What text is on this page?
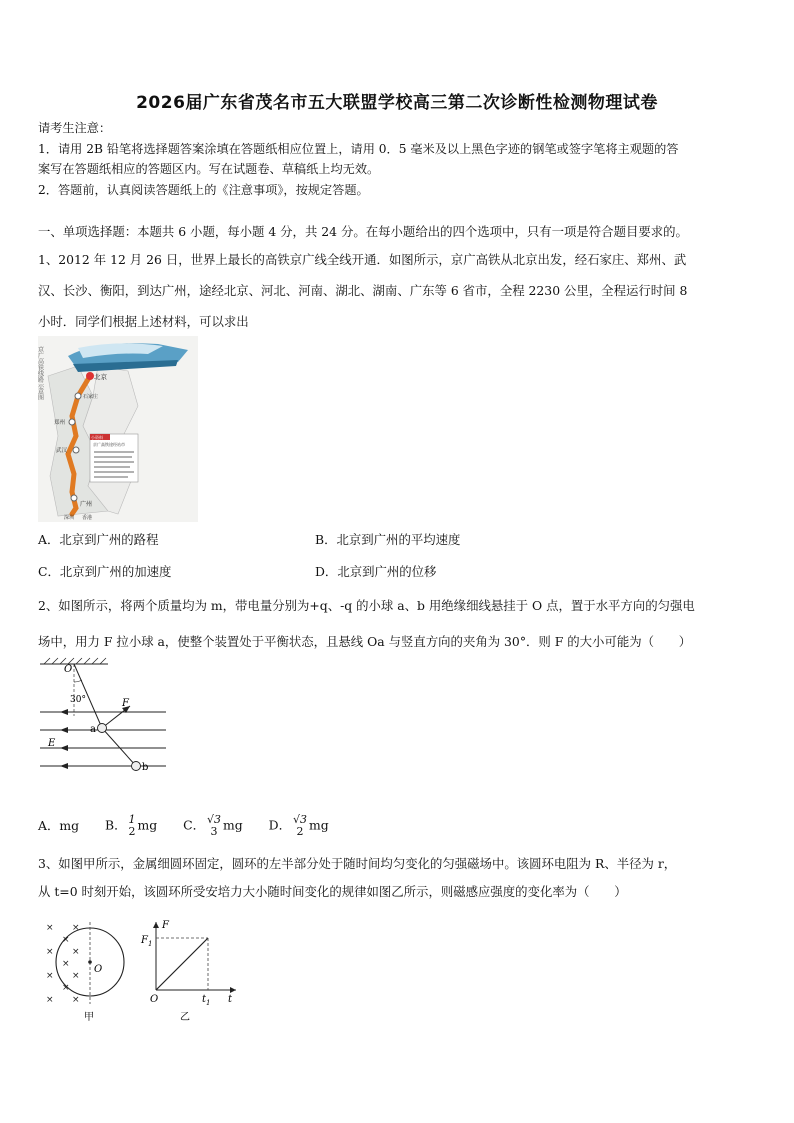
2026届广东省茂名市五大联盟学校高三第二次诊断性检测物理试卷
请考生注意：
1．请用 2B 铅笔将选择题答案涂填在答题纸相应位置上，请用 0．5 毫米及以上黑色字迹的钢笔或签字笔将主观题的答
案写在答题纸相应的答题区内。写在试题卷、草稿纸上均无效。
2．答题前，认真阅读答题纸上的《注意事项》，按规定答题。
一、单项选择题：本题共 6 小题，每小题 4 分，共 24 分。在每小题给出的四个选项中，只有一项是符合题目要求的。
1、2012 年 12 月 26 日，世界上最长的高铁京广线全线开通．如图所示，京广高铁从北京出发，经石家庄、郑州、武
汉、长沙、衡阳，到达广州，途经北京、河北、河南、湖北、湖南、广东等 6 省市，全程 2230 公里，全程运行时间 8
小时．同学们根据上述材料，可以求出
京广高铁线路示意图	北京
石家庄
郑州
武汉
广州
深圳 香港
小资料
京广高铁途经站市
A．北京到广州的路程	B．北京到广州的平均速度
C．北京到广州的加速度	D．北京到广州的位移
2、如图所示，将两个质量均为 m，带电量分别为+q、-q 的小球 a、b 用绝缘细线悬挂于 O 点，置于水平方向的匀强电
场中，用力 F 拉小球 a，使整个装置处于平衡状态，且悬线 Oa 与竖直方向的夹角为 30°．则 F 的大小可能为（　　）
O
30°	F
a
E
b
A．mg B． 1
2 mg C． √3
3 mg D． √3
2 mg
3、如图甲所示，金属细圆环固定，圆环的左半部分处于随时间均匀变化的匀强磁场中。该圆环电阻为 R、半径为 r，
从 t=0 时刻开始，该圆环所受安培力大小随时间变化的规律如图乙所示，则磁感应强度的变化率为（　　）
×
×
×
×
×
×
×
×
×
×
×
O
甲
F
$F_1$
O	$t_1$ t
乙
